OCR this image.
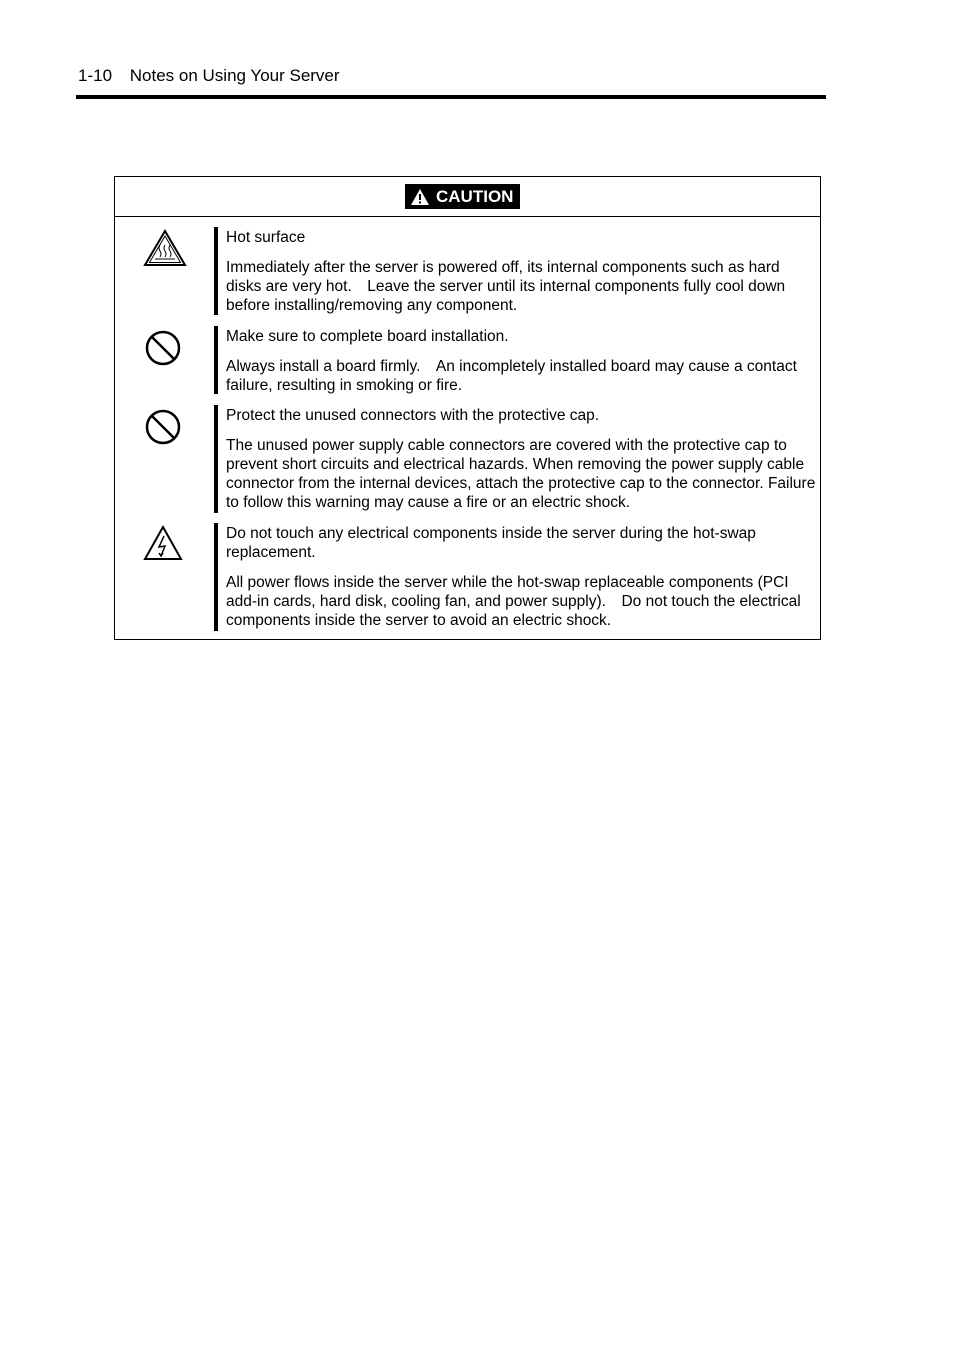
1-10 Notes on Using Your Server
CAUTION

Hot surface

Immediately after the server is powered off, its internal components such as hard disks are very hot.　Leave the server until its internal components fully cool down before installing/removing any component.

Make sure to complete board installation.

Always install a board firmly.　An incompletely installed board may cause a contact failure, resulting in smoking or fire.

Protect the unused connectors with the protective cap.

The unused power supply cable connectors are covered with the protective cap to prevent short circuits and electrical hazards. When removing the power supply cable connector from the internal devices, attach the protective cap to the connector. Failure to follow this warning may cause a fire or an electric shock.

Do not touch any electrical components inside the server during the hot-swap replacement.

All power flows inside the server while the hot-swap replaceable components (PCI add-in cards, hard disk, cooling fan, and power supply).　Do not touch the electrical components inside the server to avoid an electric shock.
